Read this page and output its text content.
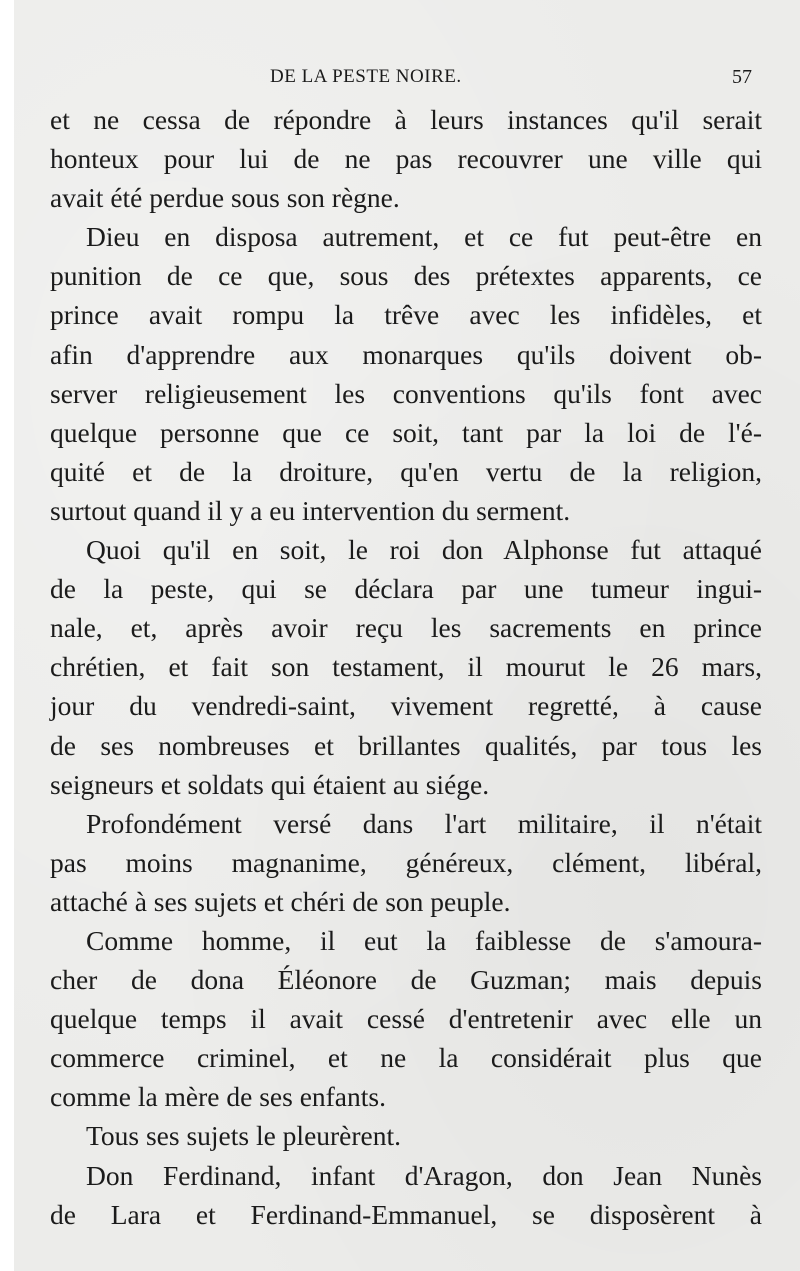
DE LA PESTE NOIRE.	57
et ne cessa de répondre à leurs instances qu'il serait
honteux pour lui de ne pas recouvrer une ville qui
avait été perdue sous son règne.
Dieu en disposa autrement, et ce fut peut-être en
punition de ce que, sous des prétextes apparents, ce
prince avait rompu la trêve avec les infidèles, et
afin d'apprendre aux monarques qu'ils doivent ob-
server religieusement les conventions qu'ils font avec
quelque personne que ce soit, tant par la loi de l'é-
quité et de la droiture, qu'en vertu de la religion,
surtout quand il y a eu intervention du serment.
Quoi qu'il en soit, le roi don Alphonse fut attaqué
de la peste, qui se déclara par une tumeur ingui-
nale, et, après avoir reçu les sacrements en prince
chrétien, et fait son testament, il mourut le 26 mars,
jour du vendredi-saint, vivement regretté, à cause
de ses nombreuses et brillantes qualités, par tous les
seigneurs et soldats qui étaient au siége.
Profondément versé dans l'art militaire, il n'était
pas moins magnanime, généreux, clément, libéral,
attaché à ses sujets et chéri de son peuple.
Comme homme, il eut la faiblesse de s'amoura-
cher de dona Éléonore de Guzman; mais depuis
quelque temps il avait cessé d'entretenir avec elle un
commerce criminel, et ne la considérait plus que
comme la mère de ses enfants.
Tous ses sujets le pleurèrent.
Don Ferdinand, infant d'Aragon, don Jean Nunès
de Lara et Ferdinand-Emmanuel, se disposèrent à
